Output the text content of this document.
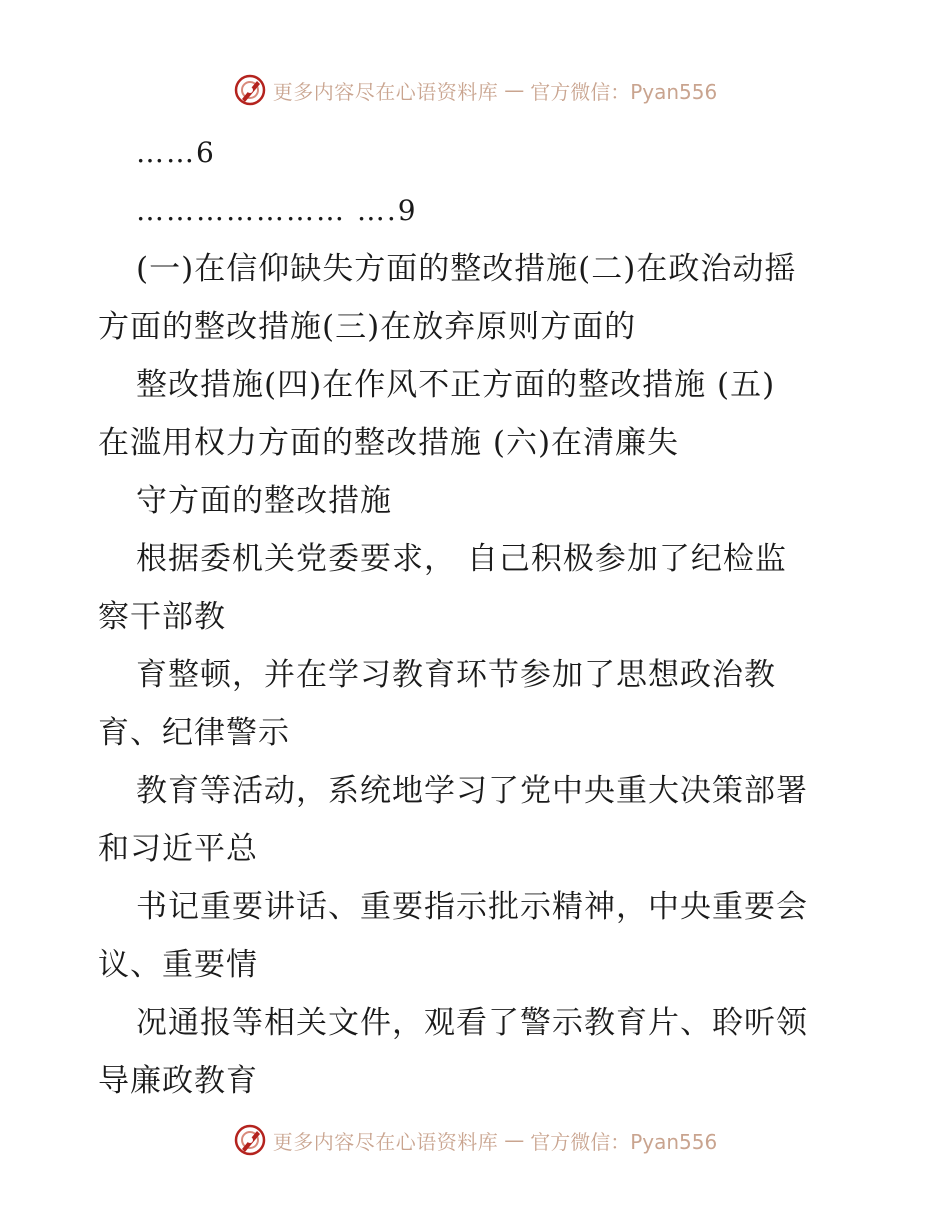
更多内容尽在心语资料库 — 官方微信：Pyan556
……6
………………… ….9
(一)在信仰缺失方面的整改措施(二)在政治动摇
方面的整改措施(三)在放弃原则方面的
整改措施(四)在作风不正方面的整改措施 (五)
在滥用权力方面的整改措施 (六)在清廉失
守方面的整改措施
根据委机关党委要求， 自己积极参加了纪检监
察干部教
育整顿，并在学习教育环节参加了思想政治教
育、纪律警示
教育等活动，系统地学习了党中央重大决策部署
和习近平总
书记重要讲话、重要指示批示精神，中央重要会
议、重要情
况通报等相关文件，观看了警示教育片、聆听领
导廉政教育
更多内容尽在心语资料库 — 官方微信：Pyan556
